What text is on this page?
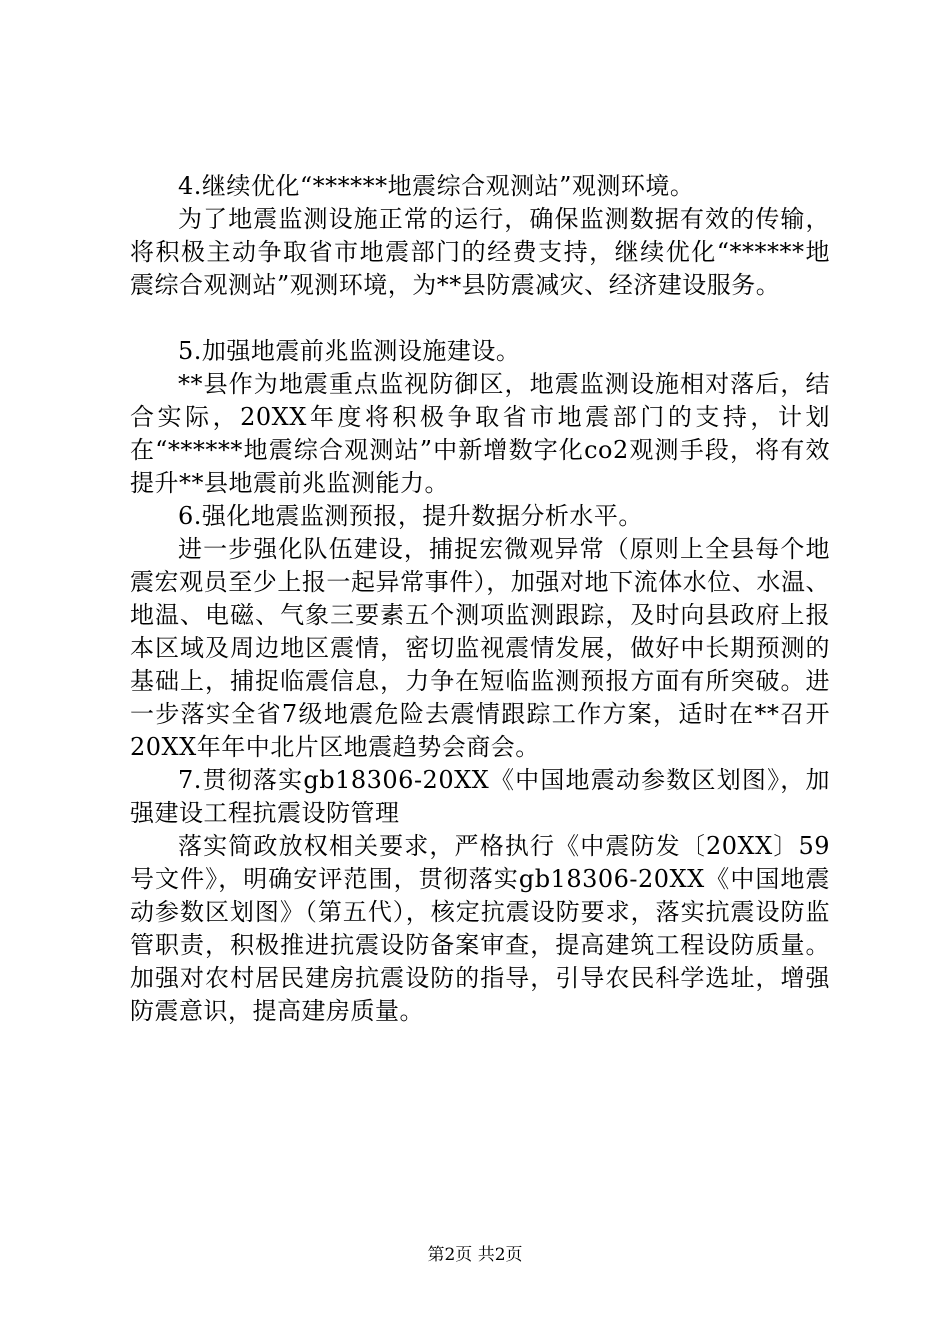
4.继续优化“******地震综合观测站”观测环境。

为了地震监测设施正常的运行，确保监测数据有效的传输，将积极主动争取省市地震部门的经费支持，继续优化“******地震综合观测站”观测环境，为**县防震减灾、经济建设服务。

5.加强地震前兆监测设施建设。

**县作为地震重点监视防御区，地震监测设施相对落后，结合实际，20XX年度将积极争取省市地震部门的支持，计划在“******地震综合观测站”中新增数字化co2观测手段，将有效提升**县地震前兆监测能力。

6.强化地震监测预报，提升数据分析水平。

进一步强化队伍建设，捕捉宏微观异常（原则上全县每个地震宏观员至少上报一起异常事件），加强对地下流体水位、水温、地温、电磁、气象三要素五个测项监测跟踪，及时向县政府上报本区域及周边地区震情，密切监视震情发展，做好中长期预测的基础上，捕捉临震信息，力争在短临监测预报方面有所突破。进一步落实全省7级地震危险去震情跟踪工作方案，适时在**召开20XX年年中北片区地震趋势会商会。

7.贯彻落实gb18306-20XX《中国地震动参数区划图》，加强建设工程抗震设防管理

落实简政放权相关要求，严格执行《中震防发〔20XX〕59号文件》，明确安评范围，贯彻落实gb18306-20XX《中国地震动参数区划图》（第五代），核定抗震设防要求，落实抗震设防监管职责，积极推进抗震设防备案审查，提高建筑工程设防质量。加强对农村居民建房抗震设防的指导，引导农民科学选址，增强防震意识，提高建房质量。

第2页 共2页
